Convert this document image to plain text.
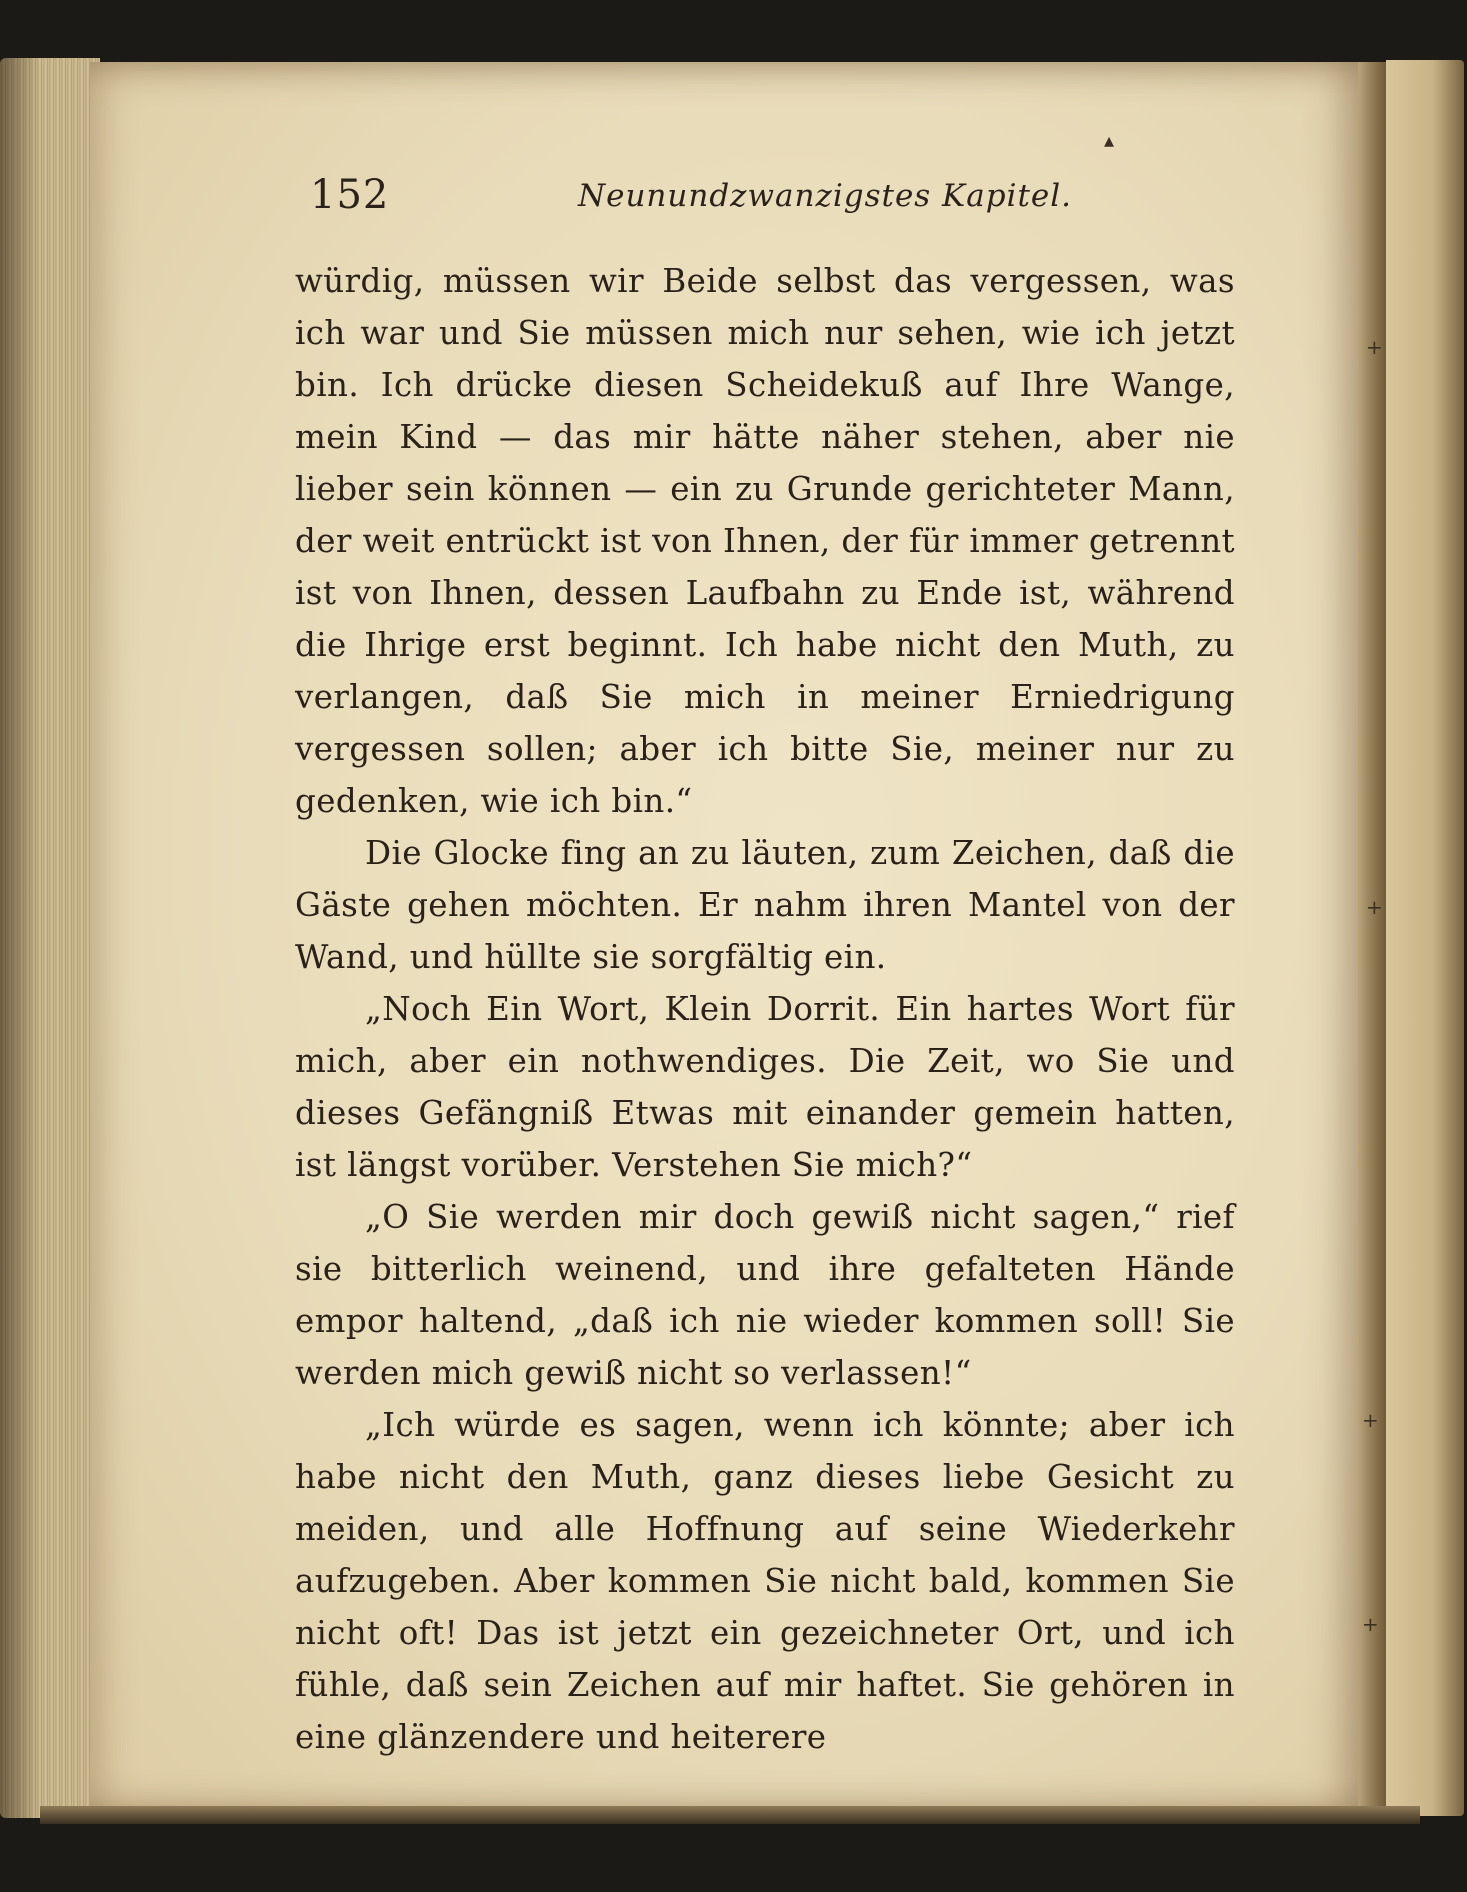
152	Neunundzwanzigstes Kapitel.

würdig, müssen wir Beide selbst das vergessen, was ich war und Sie müssen mich nur sehen, wie ich jetzt bin. Ich drücke diesen Scheidekuß auf Ihre Wange, mein Kind — das mir hätte näher stehen, aber nie lieber sein können — ein zu Grunde gerichteter Mann, der weit entrückt ist von Ihnen, der für immer getrennt ist von Ihnen, dessen Laufbahn zu Ende ist, während die Ihrige erst beginnt. Ich habe nicht den Muth, zu verlangen, daß Sie mich in meiner Erniedrigung vergessen sollen; aber ich bitte Sie, meiner nur zu gedenken, wie ich bin.“

Die Glocke fing an zu läuten, zum Zeichen, daß die Gäste gehen möchten. Er nahm ihren Mantel von der Wand, und hüllte sie sorgfältig ein.

„Noch Ein Wort, Klein Dorrit. Ein hartes Wort für mich, aber ein nothwendiges. Die Zeit, wo Sie und dieses Gefängniß Etwas mit einander gemein hatten, ist längst vorüber. Verstehen Sie mich?“

„O Sie werden mir doch gewiß nicht sagen,“ rief sie bitterlich weinend, und ihre gefalteten Hände empor haltend, „daß ich nie wieder kommen soll! Sie werden mich gewiß nicht so verlassen!“

„Ich würde es sagen, wenn ich könnte; aber ich habe nicht den Muth, ganz dieses liebe Gesicht zu meiden, und alle Hoffnung auf seine Wiederkehr aufzugeben. Aber kommen Sie nicht bald, kommen Sie nicht oft! Das ist jetzt ein gezeichneter Ort, und ich fühle, daß sein Zeichen auf mir haftet. Sie gehören in eine glänzendere und heiterere

▴
+
+
+
+
